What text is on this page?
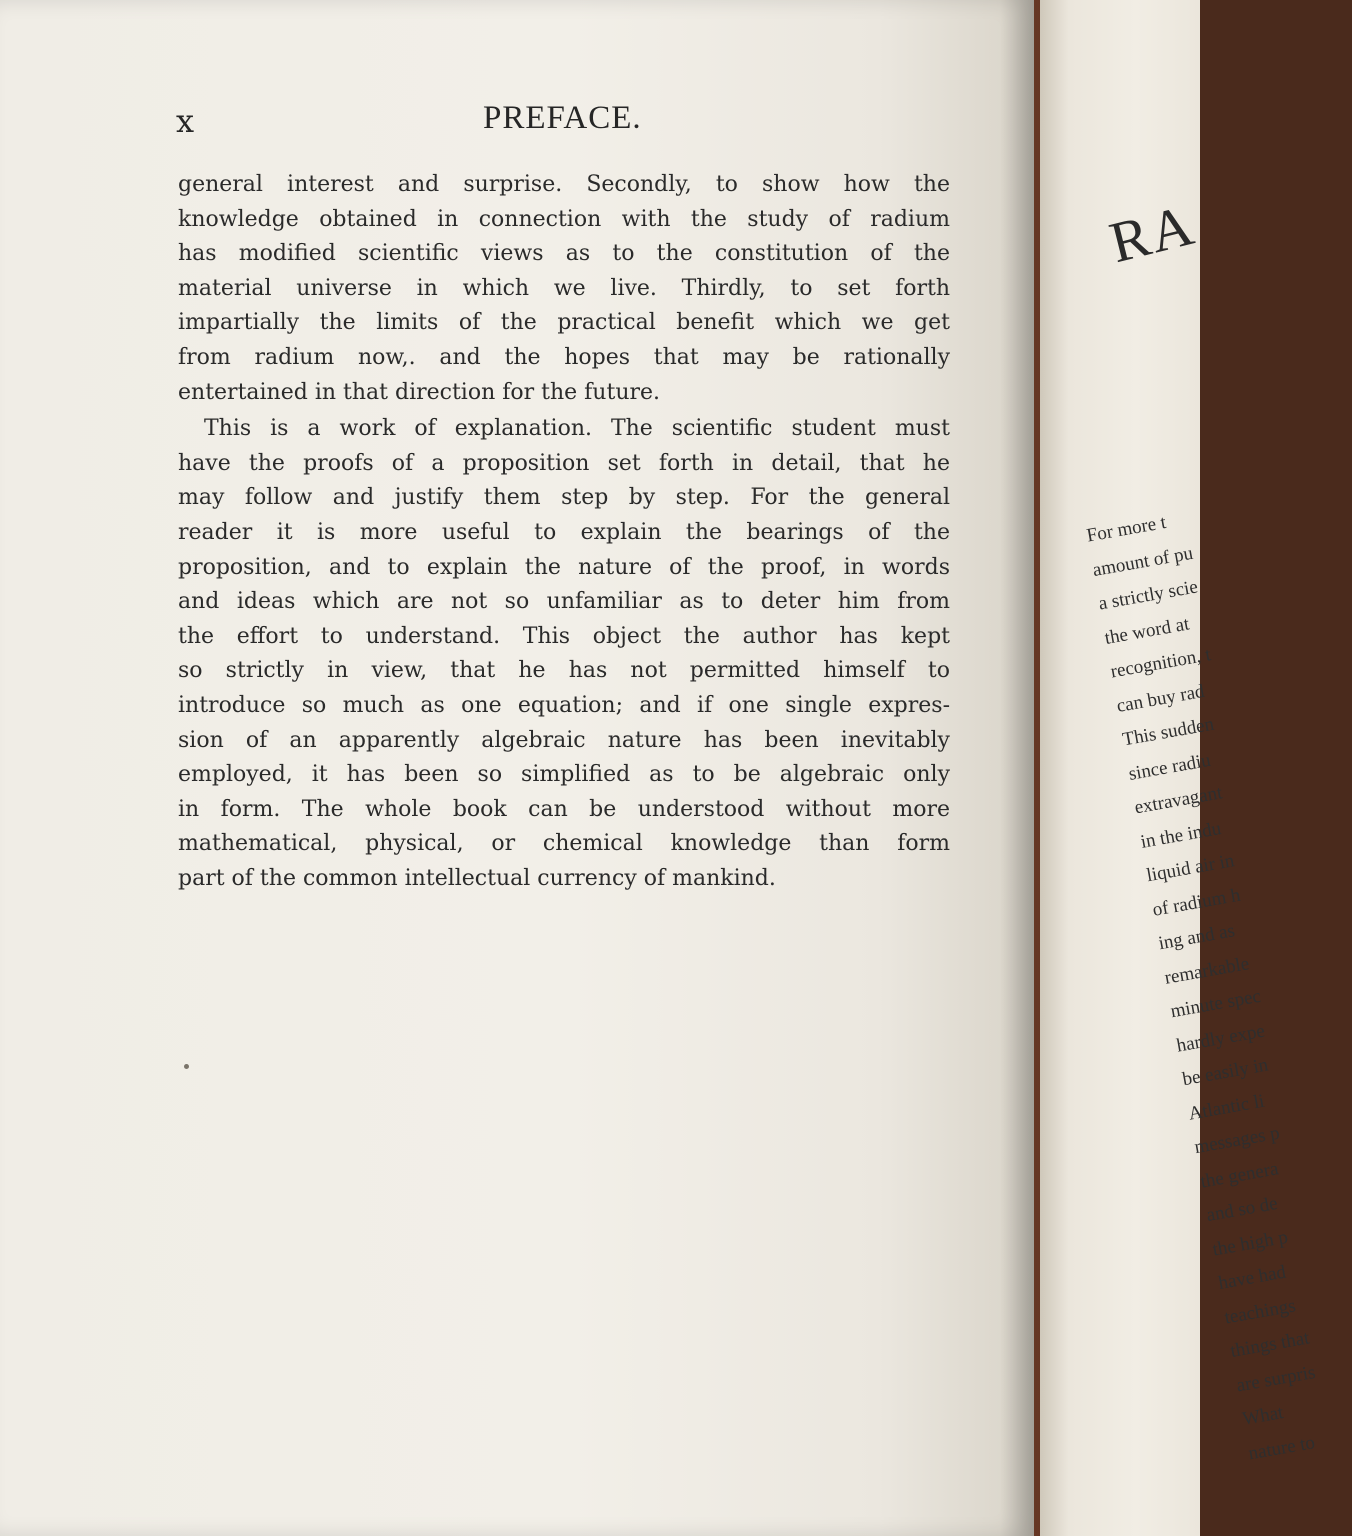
RA
For more t
amount of pu
a strictly scie
the word at
recognition, t
can buy rad
This sudden
since radiu
extravagant
in the indu
liquid air in
of radium h
ing and as
remarkable
minute spec
hardly expe
be easily in
Atlantic li
messages p
the genera
and so de
the high p
have had
teachings
things that
are surpris
What
nature to
x	PREFACE.
general interest and surprise. Secondly, to show how the
knowledge obtained in connection with the study of radium
has modified scientific views as to the constitution of the
material universe in which we live. Thirdly, to set forth
impartially the limits of the practical benefit which we get
from radium now,. and the hopes that may be rationally
entertained in that direction for the future.
This is a work of explanation. The scientific student must
have the proofs of a proposition set forth in detail, that he
may follow and justify them step by step. For the general
reader it is more useful to explain the bearings of the
proposition, and to explain the nature of the proof, in words
and ideas which are not so unfamiliar as to deter him from
the effort to understand. This object the author has kept
so strictly in view, that he has not permitted himself to
introduce so much as one equation; and if one single expres-
sion of an apparently algebraic nature has been inevitably
employed, it has been so simplified as to be algebraic only
in form. The whole book can be understood without more
mathematical, physical, or chemical knowledge than form
part of the common intellectual currency of mankind.
